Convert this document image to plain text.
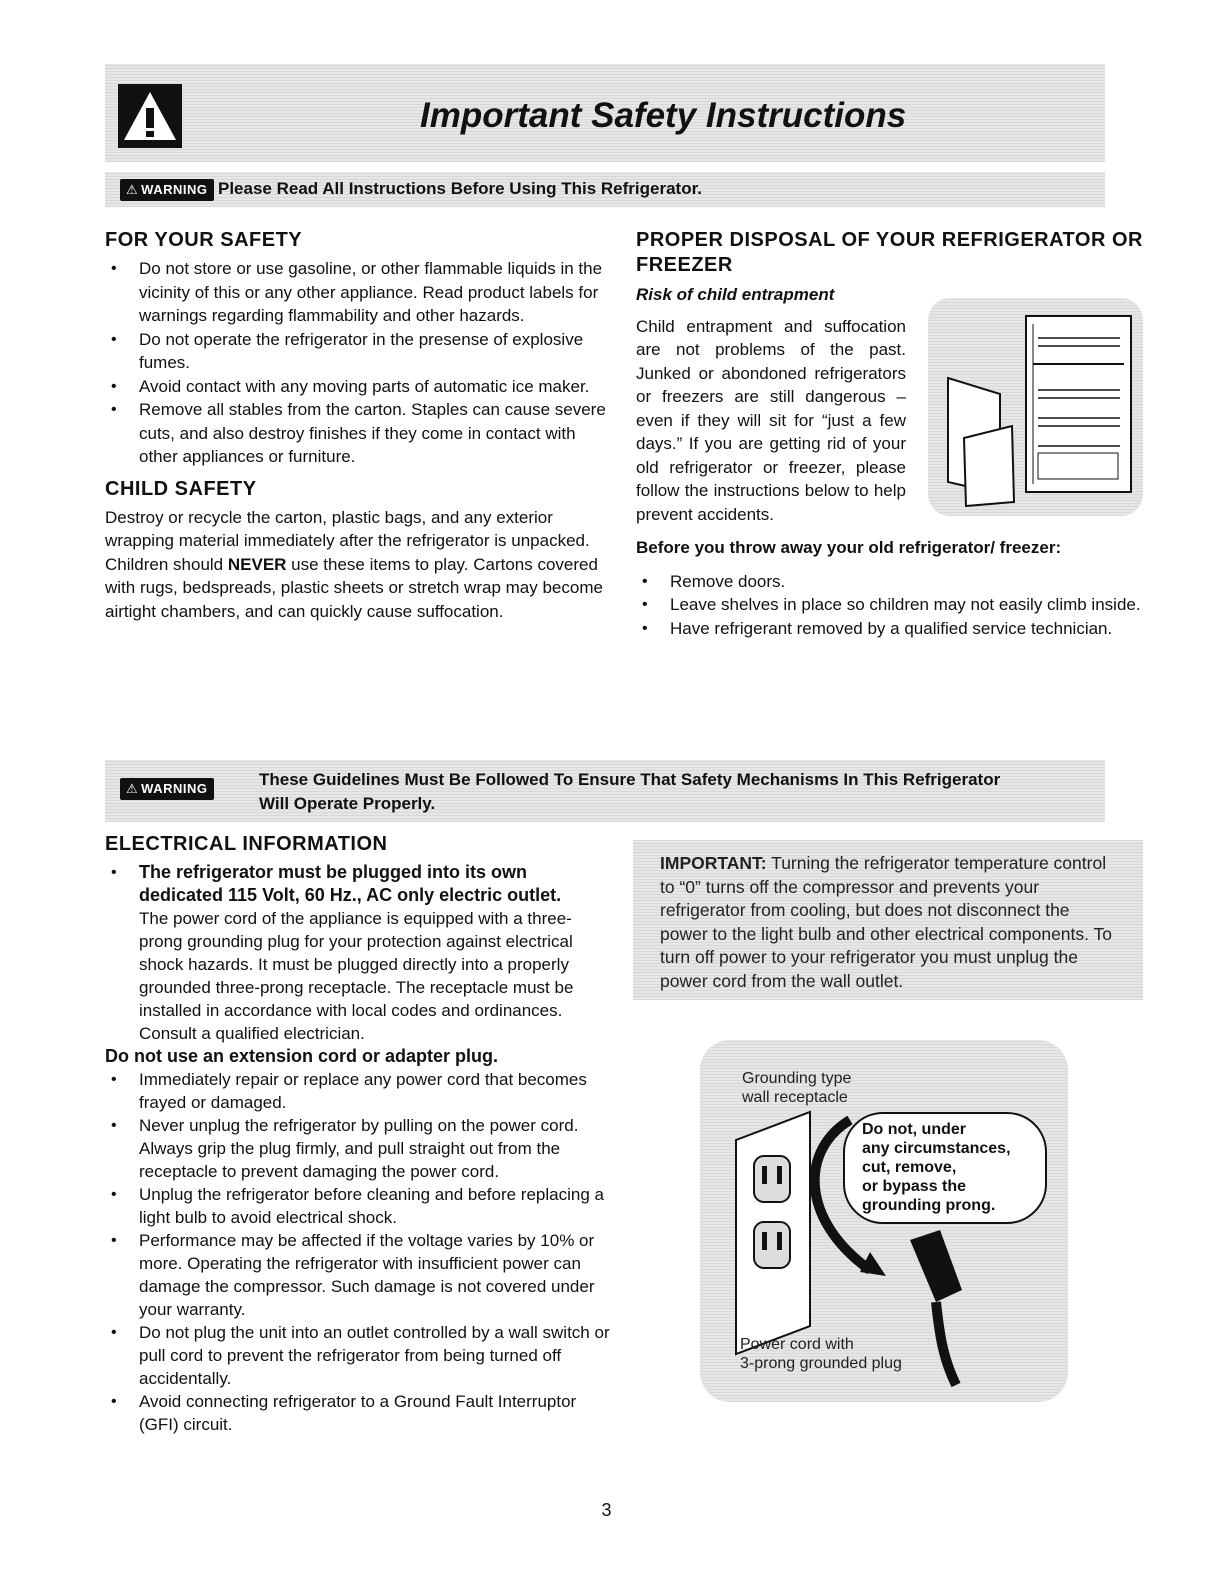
Important Safety Instructions
⚠ WARNING Please Read All Instructions Before Using This Refrigerator.
FOR YOUR SAFETY
• Do not store or use gasoline, or other flammable liquids in the vicinity of this or any other appliance. Read product labels for warnings regarding flammability and other hazards.
• Do not operate the refrigerator in the presense of explosive fumes.
• Avoid contact with any moving parts of automatic ice maker.
• Remove all stables from the carton. Staples can cause severe cuts, and also destroy finishes if they come in contact with other appliances or furniture.
CHILD SAFETY

Destroy or recycle the carton, plastic bags, and any exterior wrapping material immediately after the refrigerator is unpacked. Children should NEVER use these items to play. Cartons covered with rugs, bedspreads, plastic sheets or stretch wrap may become airtight chambers, and can quickly cause suffocation.

PROPER DISPOSAL OF YOUR REFRIGERATOR OR FREEZER
Risk of child entrapment

Child entrapment and suffocation are not problems of the past. Junked or abondoned refrigerators or freezers are still dangerous – even if they will sit for “just a few days.” If you are getting rid of your old refrigerator or freezer, please follow the instructions below to help prevent accidents.

Before you throw away your old refrigerator/ freezer:
• Remove doors.
• Leave shelves in place so children may not easily climb inside.
• Have refrigerant removed by a qualified service technician.
⚠ WARNING	These Guidelines Must Be Followed To Ensure That Safety Mechanisms In This Refrigerator
Will Operate Properly.
ELECTRICAL INFORMATION
• The refrigerator must be plugged into its own dedicated 115 Volt, 60 Hz., AC only electric outlet.
The power cord of the appliance is equipped with a three-prong grounding plug for your protection against electrical shock hazards. It must be plugged directly into a properly grounded three-prong receptacle. The receptacle must be installed in accordance with local codes and ordinances. Consult a qualified electrician.
Do not use an extension cord or adapter plug.
• Immediately repair or replace any power cord that becomes frayed or damaged.
• Never unplug the refrigerator by pulling on the power cord. Always grip the plug firmly, and pull straight out from the receptacle to prevent damaging the power cord.
• Unplug the refrigerator before cleaning and before replacing a light bulb to avoid electrical shock.
• Performance may be affected if the voltage varies by 10% or more. Operating the refrigerator with insufficient power can damage the compressor. Such damage is not covered under your warranty.
• Do not plug the unit into an outlet controlled by a wall switch or pull cord to prevent the refrigerator from being turned off accidentally.
• Avoid connecting refrigerator to a Ground Fault Interruptor (GFI) circuit.

IMPORTANT: Turning the refrigerator temperature control to “0” turns off the compressor and prevents your refrigerator from cooling, but does not disconnect the power to the light bulb and other electrical components. To turn off power to your refrigerator you must unplug the power cord from the wall outlet.

Grounding type
wall receptacle
Do not, under
any circumstances,
cut, remove,
or bypass the
grounding prong.
Power cord with
3-prong grounded plug
3
